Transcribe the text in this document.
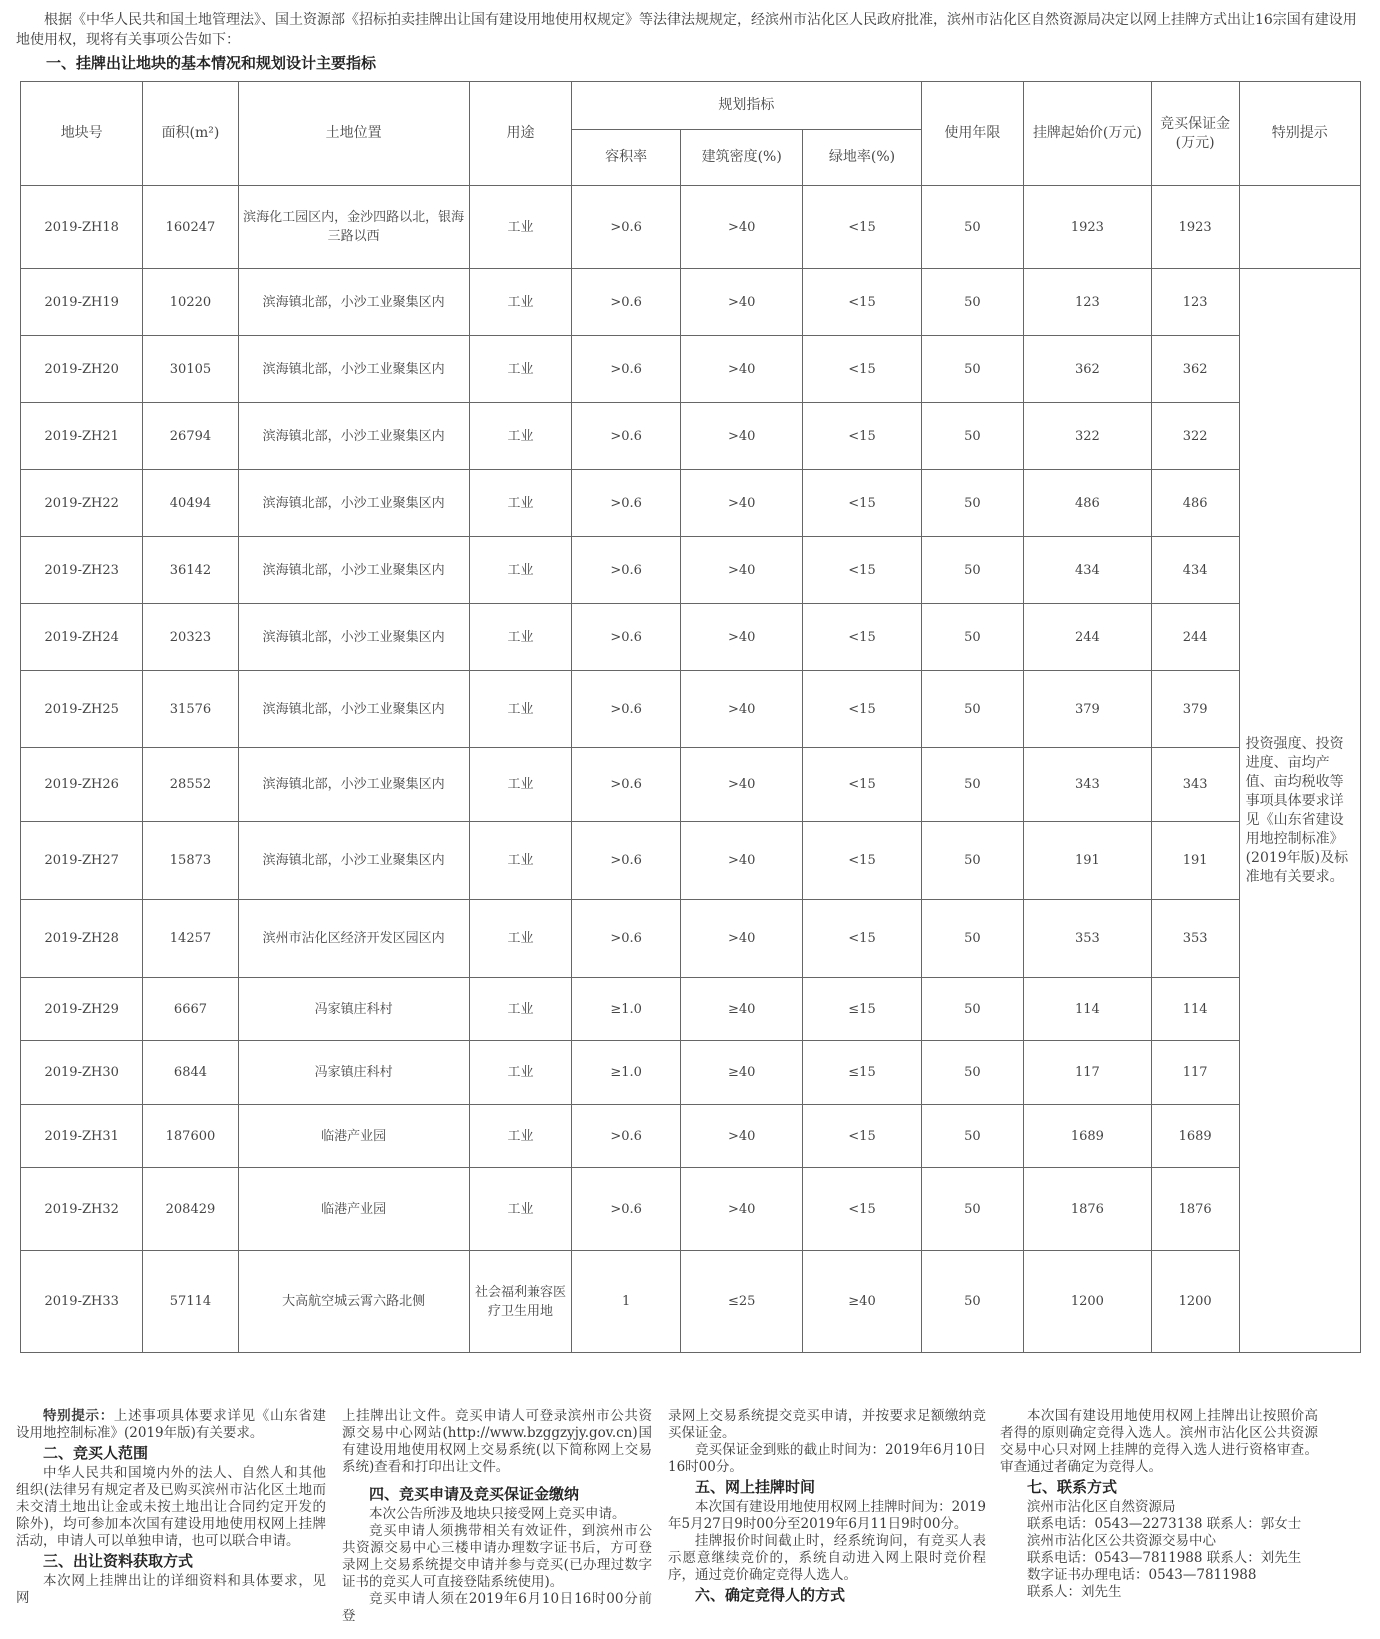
根据《中华人民共和国土地管理法》、国土资源部《招标拍卖挂牌出让国有建设用地使用权规定》等法律法规规定，经滨州市沾化区人民政府批准，滨州市沾化区自然资源局决定以网上挂牌方式出让16宗国有建设用地使用权，现将有关事项公告如下：
一、挂牌出让地块的基本情况和规划设计主要指标
地块号	面积(m²)	土地位置	用途	规划指标			使用年限	挂牌起始价(万元)	竞买保证金(万元)	特别提示
				容积率	建筑密度(%)	绿地率(%)				
2019-ZH18	160247	滨海化工园区内，金沙四路以北，银海三路以西	工业	>0.6	>40	<15	50	1923	1923	
2019-ZH19	10220	滨海镇北部，小沙工业聚集区内	工业	>0.6	>40	<15	50	123	123	投资强度、投资进度、亩均产值、亩均税收等事项具体要求详见《山东省建设用地控制标准》(2019年版)及标准地有关要求。
2019-ZH20	30105	滨海镇北部，小沙工业聚集区内	工业	>0.6	>40	<15	50	362	362	
2019-ZH21	26794	滨海镇北部，小沙工业聚集区内	工业	>0.6	>40	<15	50	322	322	
2019-ZH22	40494	滨海镇北部，小沙工业聚集区内	工业	>0.6	>40	<15	50	486	486	
2019-ZH23	36142	滨海镇北部，小沙工业聚集区内	工业	>0.6	>40	<15	50	434	434	
2019-ZH24	20323	滨海镇北部，小沙工业聚集区内	工业	>0.6	>40	<15	50	244	244	
2019-ZH25	31576	滨海镇北部，小沙工业聚集区内	工业	>0.6	>40	<15	50	379	379	
2019-ZH26	28552	滨海镇北部，小沙工业聚集区内	工业	>0.6	>40	<15	50	343	343	
2019-ZH27	15873	滨海镇北部，小沙工业聚集区内	工业	>0.6	>40	<15	50	191	191	
2019-ZH28	14257	滨州市沾化区经济开发区园区内	工业	>0.6	>40	<15	50	353	353	
2019-ZH29	6667	冯家镇庄科村	工业	≥1.0	≥40	≤15	50	114	114	
2019-ZH30	6844	冯家镇庄科村	工业	≥1.0	≥40	≤15	50	117	117	
2019-ZH31	187600	临港产业园	工业	>0.6	>40	<15	50	1689	1689	
2019-ZH32	208429	临港产业园	工业	>0.6	>40	<15	50	1876	1876	
2019-ZH33	57114	大高航空城云霄六路北侧	社会福利兼容医疗卫生用地	1	≤25	≥40	50	1200	1200	

特别提示：上述事项具体要求详见《山东省建设用地控制标准》(2019年版)有关要求。

二、竞买人范围

中华人民共和国境内外的法人、自然人和其他组织(法律另有规定者及已购买滨州市沾化区土地而未交清土地出让金或未按土地出让合同约定开发的除外)，均可参加本次国有建设用地使用权网上挂牌活动，申请人可以单独申请，也可以联合申请。

三、出让资料获取方式

本次网上挂牌出让的详细资料和具体要求，见网

上挂牌出让文件。竞买申请人可登录滨州市公共资源交易中心网站(http://www.bzggzyjy.gov.cn)国有建设用地使用权网上交易系统(以下简称网上交易系统)查看和打印出让文件。

四、竞买申请及竞买保证金缴纳

本次公告所涉及地块只接受网上竞买申请。

竞买申请人须携带相关有效证件，到滨州市公共资源交易中心三楼申请办理数字证书后，方可登录网上交易系统提交申请并参与竞买(已办理过数字证书的竞买人可直接登陆系统使用)。

竞买申请人须在2019年6月10日16时00分前登

录网上交易系统提交竞买申请，并按要求足额缴纳竞买保证金。

竞买保证金到账的截止时间为：2019年6月10日16时00分。

五、网上挂牌时间

本次国有建设用地使用权网上挂牌时间为：2019年5月27日9时00分至2019年6月11日9时00分。

挂牌报价时间截止时，经系统询问，有竞买人表示愿意继续竞价的，系统自动进入网上限时竞价程序，通过竞价确定竞得人选人。

六、确定竞得人的方式

本次国有建设用地使用权网上挂牌出让按照价高者得的原则确定竞得入选人。滨州市沾化区公共资源交易中心只对网上挂牌的竞得入选人进行资格审查。审查通过者确定为竞得人。

七、联系方式
滨州市沾化区自然资源局
联系电话：0543—2273138 联系人：郭女士
滨州市沾化区公共资源交易中心
联系电话：0543—7811988 联系人：刘先生
数字证书办理电话：0543—7811988
联系人：刘先生
